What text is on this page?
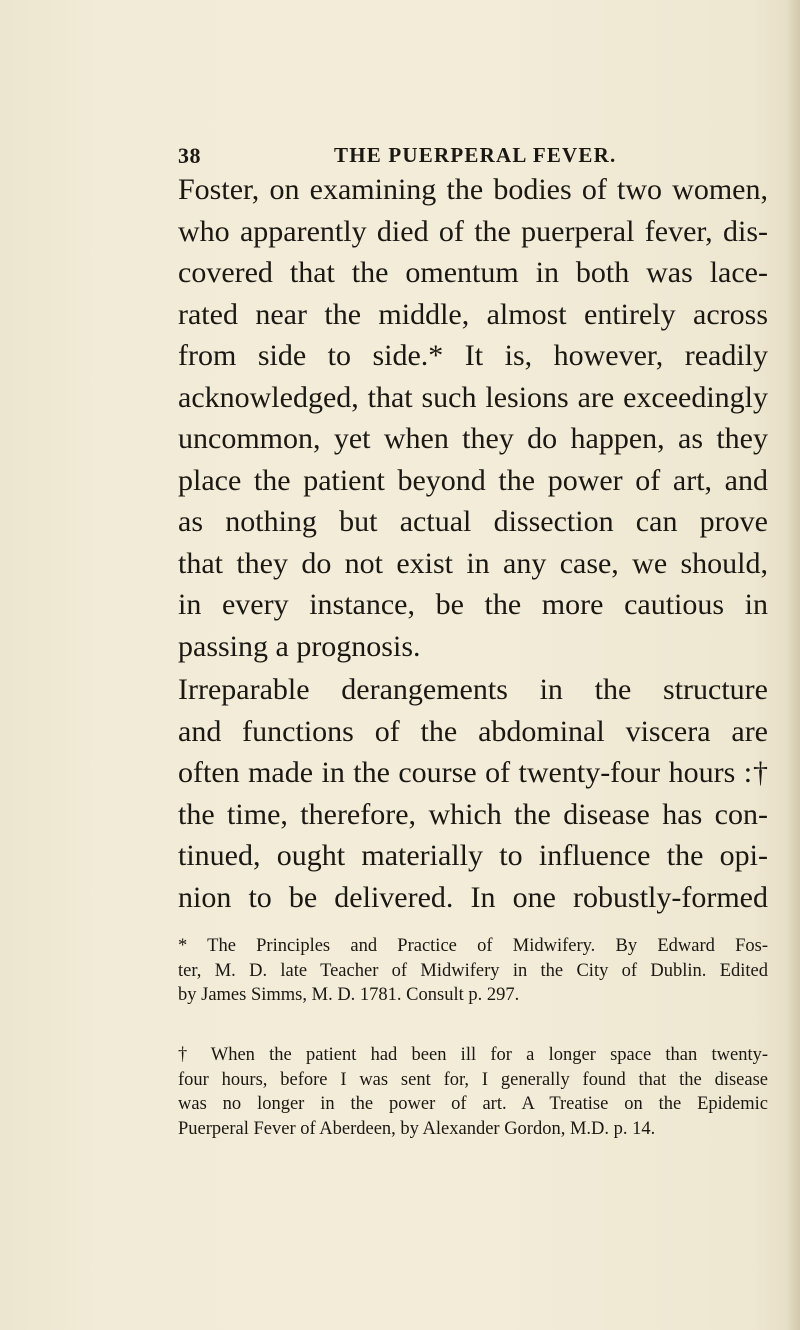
38	THE PUERPERAL FEVER.
Foster, on examining the bodies of two women,
who apparently died of the puerperal fever, dis-
covered that the omentum in both was lace-
rated near the middle, almost entirely across
from side to side.* It is, however, readily
acknowledged, that such lesions are exceedingly
uncommon, yet when they do happen, as they
place the patient beyond the power of art, and
as nothing but actual dissection can prove
that they do not exist in any case, we should,
in every instance, be the more cautious in
passing a prognosis.
Irreparable derangements in the structure
and functions of the abdominal viscera are
often made in the course of twenty-four hours :†
the time, therefore, which the disease has con-
tinued, ought materially to influence the opi-
nion to be delivered. In one robustly-formed
* The Principles and Practice of Midwifery. By Edward Fos-
ter, M. D. late Teacher of Midwifery in the City of Dublin. Edited
by James Simms, M. D. 1781. Consult p. 297.
† When the patient had been ill for a longer space than twenty-
four hours, before I was sent for, I generally found that the disease
was no longer in the power of art. A Treatise on the Epidemic
Puerperal Fever of Aberdeen, by Alexander Gordon, M.D. p. 14.
